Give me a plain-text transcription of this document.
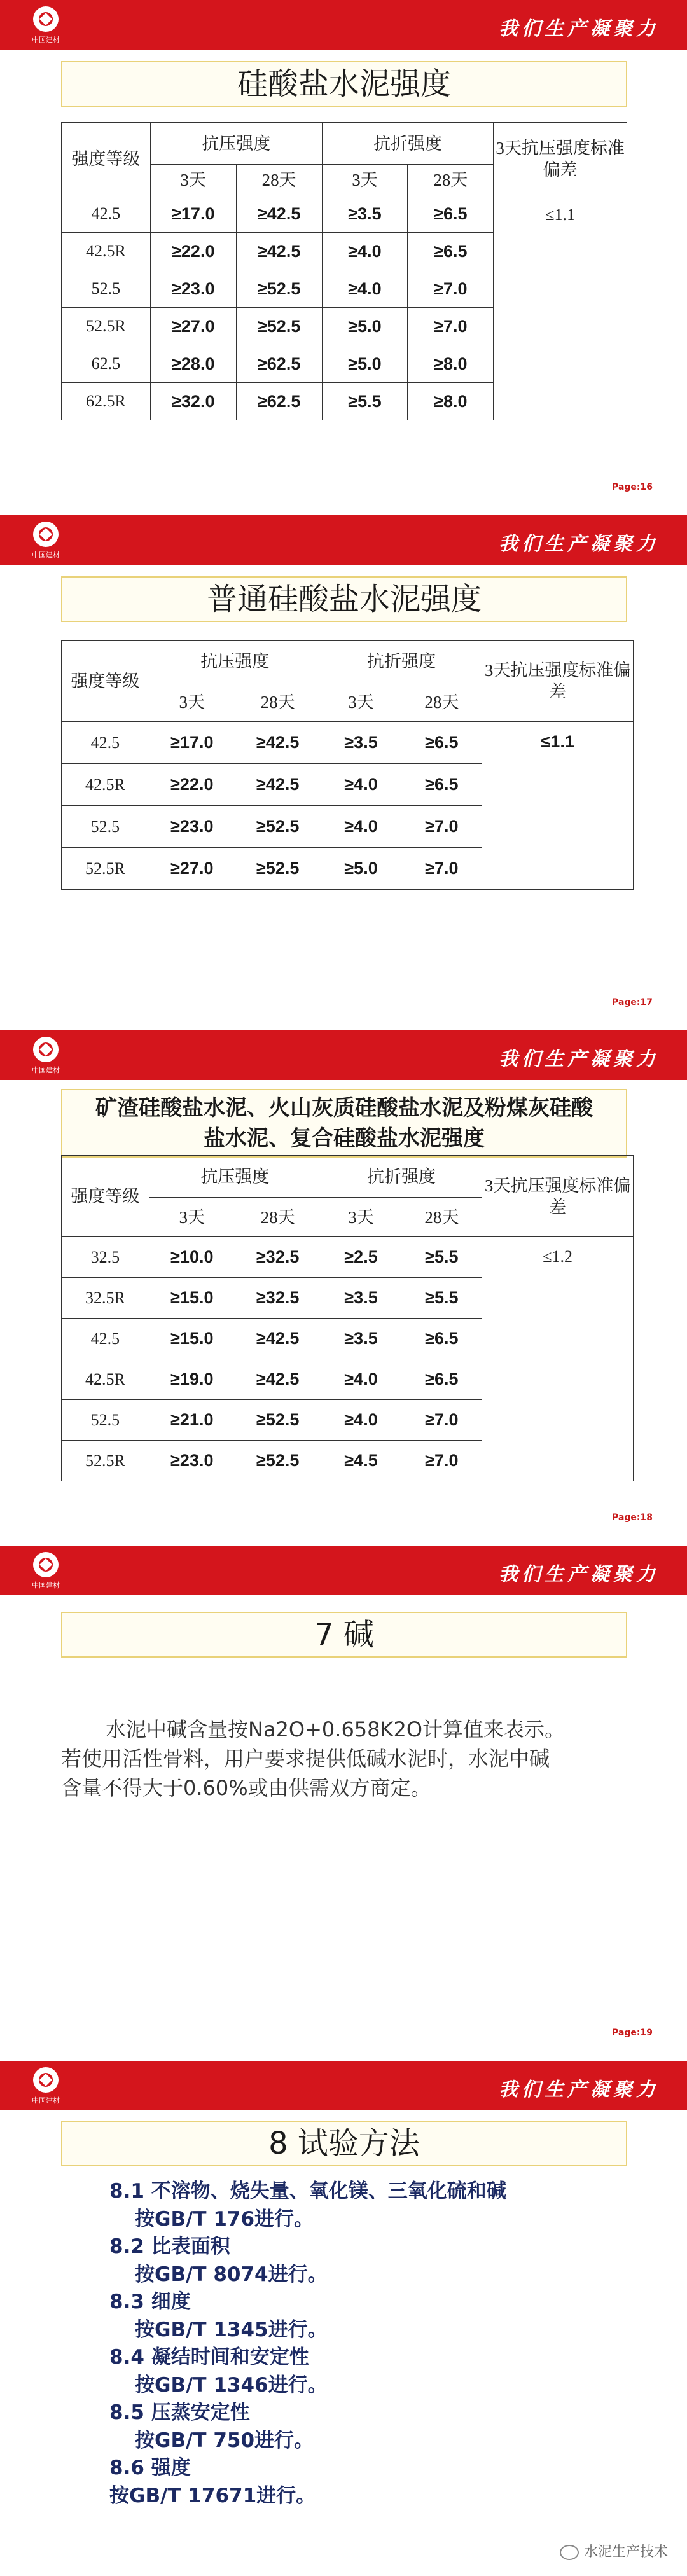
中国建材	我们生产凝聚力
硅酸盐水泥强度
强度等级	抗压强度		抗折强度		3天抗压强度标准偏差
	3天	28天	3天	28天	
42.5	≥17.0	≥42.5	≥3.5	≥6.5	≤1.1
42.5R	≥22.0	≥42.5	≥4.0	≥6.5	
52.5	≥23.0	≥52.5	≥4.0	≥7.0	
52.5R	≥27.0	≥52.5	≥5.0	≥7.0	
62.5	≥28.0	≥62.5	≥5.0	≥8.0	
62.5R	≥32.0	≥62.5	≥5.5	≥8.0	
Page:16
中国建材	我们生产凝聚力
普通硅酸盐水泥强度
强度等级	抗压强度		抗折强度		3天抗压强度标准偏差
	3天	28天	3天	28天	
42.5	≥17.0	≥42.5	≥3.5	≥6.5	≤1.1
42.5R	≥22.0	≥42.5	≥4.0	≥6.5	
52.5	≥23.0	≥52.5	≥4.0	≥7.0	
52.5R	≥27.0	≥52.5	≥5.0	≥7.0	
Page:17
中国建材	我们生产凝聚力
矿渣硅酸盐水泥、火山灰质硅酸盐水泥及粉煤灰硅酸
盐水泥、复合硅酸盐水泥强度
强度等级	抗压强度		抗折强度		3天抗压强度标准偏差
	3天	28天	3天	28天	
32.5	≥10.0	≥32.5	≥2.5	≥5.5	≤1.2
32.5R	≥15.0	≥32.5	≥3.5	≥5.5	
42.5	≥15.0	≥42.5	≥3.5	≥6.5	
42.5R	≥19.0	≥42.5	≥4.0	≥6.5	
52.5	≥21.0	≥52.5	≥4.0	≥7.0	
52.5R	≥23.0	≥52.5	≥4.5	≥7.0	
Page:18
中国建材	我们生产凝聚力
7 碱
水泥中碱含量按Na2O+0.658K2O计算值来表示。
若使用活性骨料，用户要求提供低碱水泥时，水泥中碱
含量不得大于0.60%或由供需双方商定。
Page:19
中国建材	我们生产凝聚力
8 试验方法
8.1 不溶物、烧失量、氧化镁、三氧化硫和碱
按GB/T 176进行。
8.2 比表面积
按GB/T 8074进行。
8.3 细度
按GB/T 1345进行。
8.4 凝结时间和安定性
按GB/T 1346进行。
8.5 压蒸安定性
按GB/T 750进行。
8.6 强度
按GB/T 17671进行。
水泥生产技术
